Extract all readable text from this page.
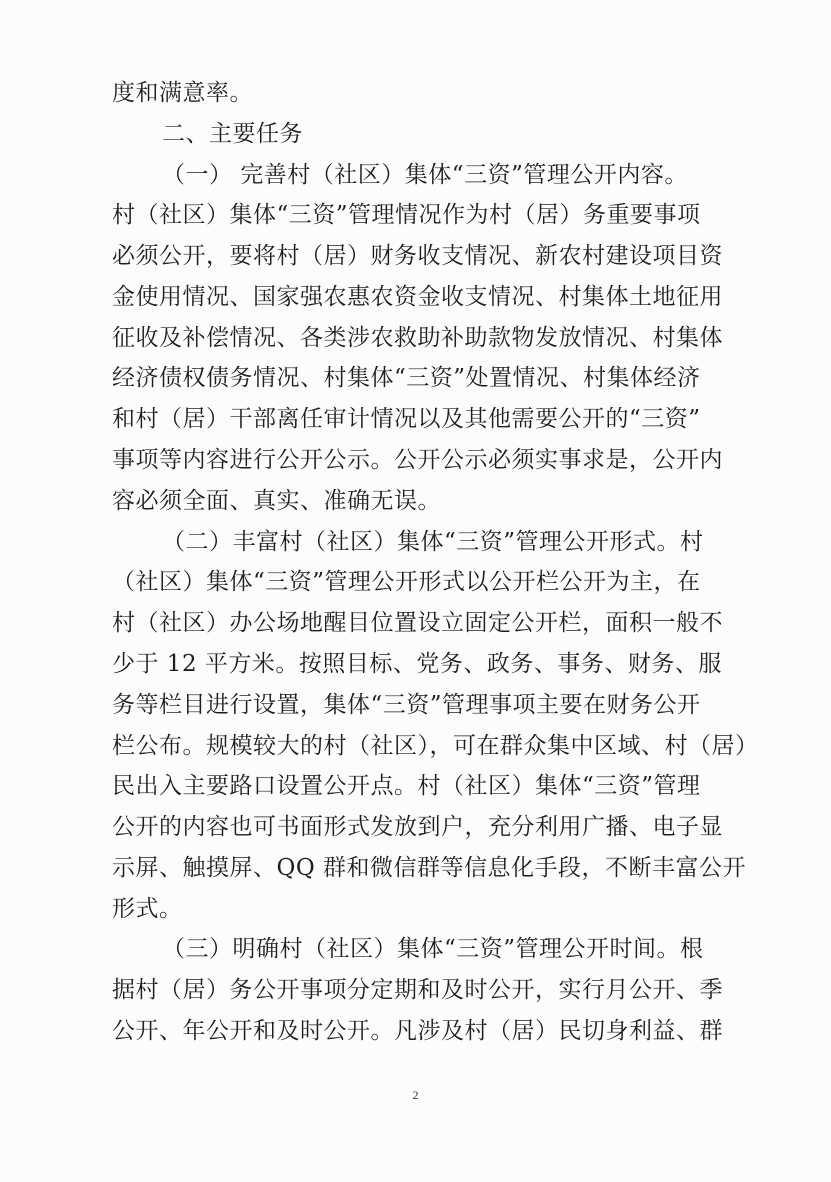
度和满意率。
二、主要任务
（一） 完善村（社区）集体“三资”管理公开内容。
村（社区）集体“三资”管理情况作为村（居）务重要事项
必须公开，要将村（居）财务收支情况、新农村建设项目资
金使用情况、国家强农惠农资金收支情况、村集体土地征用
征收及补偿情况、各类涉农救助补助款物发放情况、村集体
经济债权债务情况、村集体“三资”处置情况、村集体经济
和村（居）干部离任审计情况以及其他需要公开的“三资”
事项等内容进行公开公示。公开公示必须实事求是，公开内
容必须全面、真实、准确无误。
（二）丰富村（社区）集体“三资”管理公开形式。村
（社区）集体“三资”管理公开形式以公开栏公开为主，在
村（社区）办公场地醒目位置设立固定公开栏，面积一般不
少于 12 平方米。按照目标、党务、政务、事务、财务、服
务等栏目进行设置，集体“三资”管理事项主要在财务公开
栏公布。规模较大的村（社区），可在群众集中区域、村（居）
民出入主要路口设置公开点。村（社区）集体“三资”管理
公开的内容也可书面形式发放到户，充分利用广播、电子显
示屏、触摸屏、QQ 群和微信群等信息化手段，不断丰富公开
形式。
（三）明确村（社区）集体“三资”管理公开时间。根
据村（居）务公开事项分定期和及时公开，实行月公开、季
公开、年公开和及时公开。凡涉及村（居）民切身利益、群
2
